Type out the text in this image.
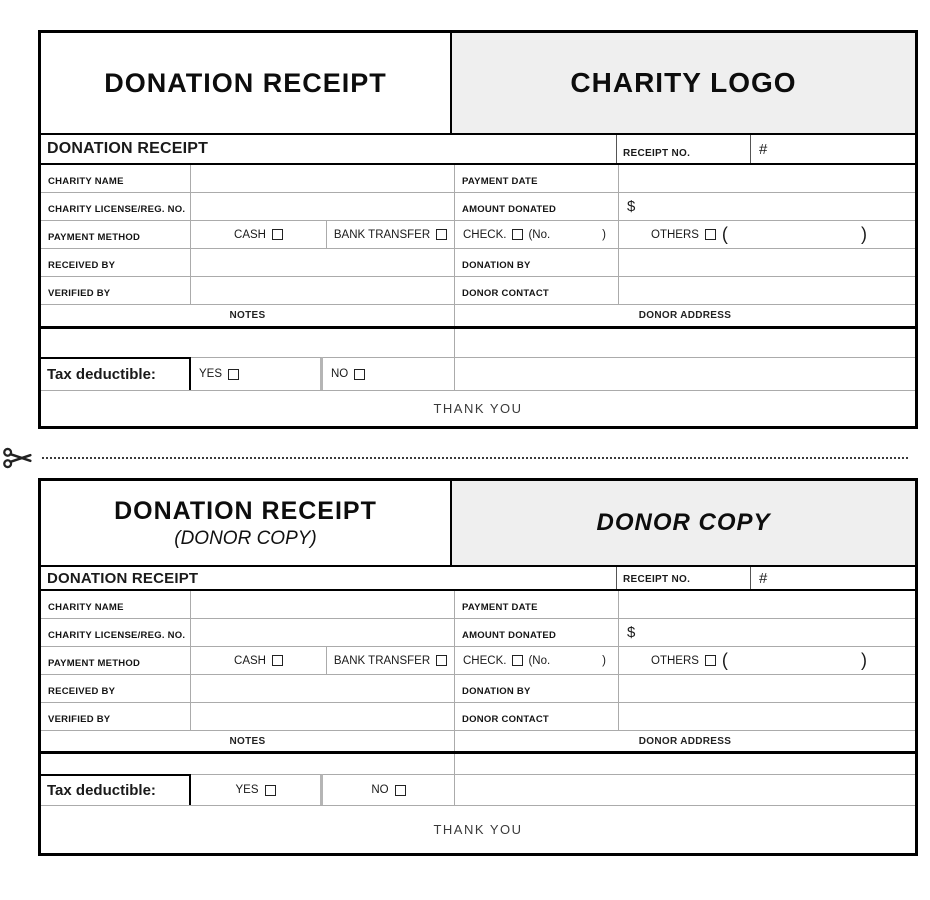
DONATION RECEIPT	CHARITY LOGO
DONATION RECEIPT	RECEIPT NO.	#
CHARITY NAME	PAYMENT DATE
CHARITY LICENSE/REG. NO.	AMOUNT DONATED	$
PAYMENT METHOD	CASH	BANK TRANSFER	CHECK. (No.	)	OTHERS (	)
RECEIVED BY	DONATION BY
VERIFIED BY	DONOR CONTACT
NOTES	DONOR ADDRESS
Tax deductible:	YES	NO
THANK YOU
DONATION RECEIPT
(DONOR COPY)
DONOR COPY
DONATION RECEIPT	RECEIPT NO.	#
CHARITY NAME	PAYMENT DATE
CHARITY LICENSE/REG. NO.	AMOUNT DONATED	$
PAYMENT METHOD	CASH	BANK TRANSFER	CHECK. (No.	)	OTHERS (	)
RECEIVED BY	DONATION BY
VERIFIED BY	DONOR CONTACT
NOTES	DONOR ADDRESS
Tax deductible:	YES	NO
THANK YOU
